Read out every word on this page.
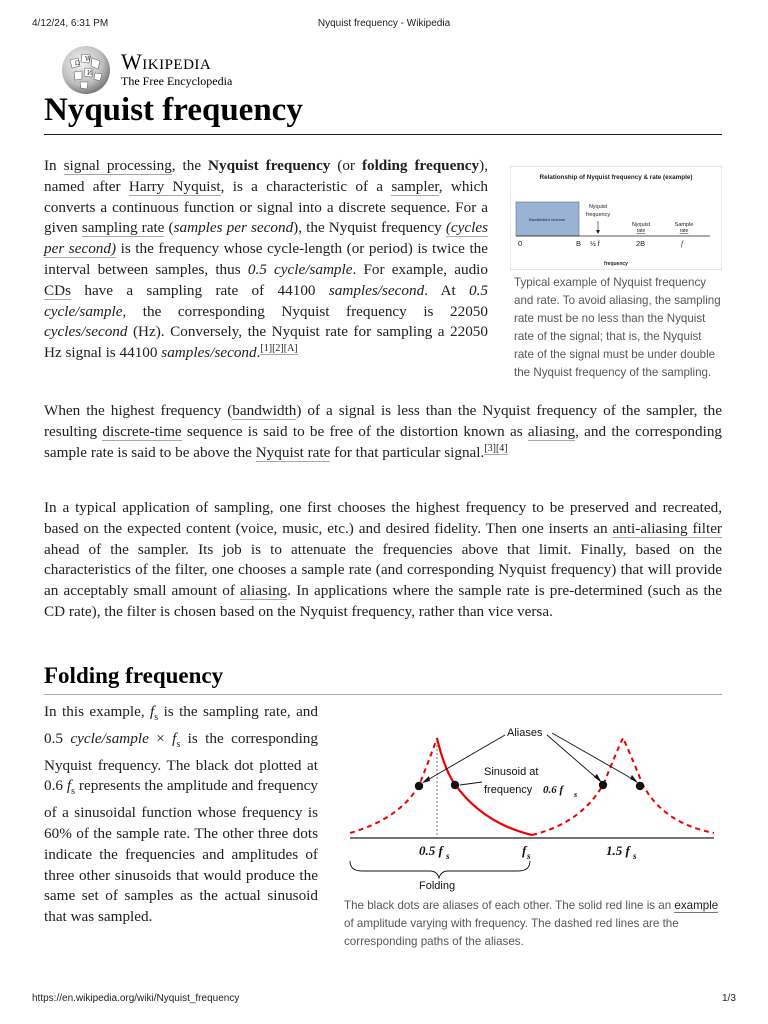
4/12/24, 6:31 PM	Nyquist frequency - Wikipedia
Ω
W
И Wikipedia
The Free Encyclopedia
Nyquist frequency

In signal processing, the Nyquist frequency (or folding frequency), named after Harry Nyquist, is a characteristic of a sampler, which converts a continuous function or signal into a discrete sequence. For a given sampling rate (samples per second), the Nyquist frequency (cycles per second) is the frequency whose cycle-length (or period) is twice the interval between samples, thus 0.5 cycle/sample. For example, audio CDs have a sampling rate of 44100 samples/second. At 0.5 cycle/sample, the corresponding Nyquist frequency is 22050 cycles/second (Hz). Conversely, the Nyquist rate for sampling a 22050 Hz signal is 44100 samples/second.[1][2][A]

Relationship of Nyquist frequency & rate (example)
Bandlimited channel
Nyquist
frequency
Nyquist
rate
Sample
rate
0	B ½ f	2B	f
frequency
Typical example of Nyquist frequency and rate. To avoid aliasing, the sampling rate must be no less than the Nyquist rate of the signal; that is, the Nyquist rate of the signal must be under double the Nyquist frequency of the sampling.

When the highest frequency (bandwidth) of a signal is less than the Nyquist frequency of the sampler, the resulting discrete-time sequence is said to be free of the distortion known as aliasing, and the corresponding sample rate is said to be above the Nyquist rate for that particular signal.[3][4]

In a typical application of sampling, one first chooses the highest frequency to be preserved and recreated, based on the expected content (voice, music, etc.) and desired fidelity. Then one inserts an anti-aliasing filter ahead of the sampler. Its job is to attenuate the frequencies above that limit. Finally, based on the characteristics of the filter, one chooses a sample rate (and corresponding Nyquist frequency) that will provide an acceptably small amount of aliasing. In applications where the sample rate is pre-determined (such as the CD rate), the filter is chosen based on the Nyquist frequency, rather than vice versa.

Folding frequency

In this example, $f_s$ is the sampling rate, and 0.5 cycle/sample × $f_s$ is the corresponding Nyquist frequency. The black dot plotted at 0.6 $f_s$ represents the amplitude and frequency of a sinusoidal function whose frequency is 60% of the sample rate. The other three dots indicate the frequencies and amplitudes of three other sinusoids that would produce the same set of samples as the actual sinusoid that was sampled.

Aliases
Sinusoid at
frequency 0.6 f s
0.5 f s	f s	1.5 f s
Folding
The black dots are aliases of each other. The solid red line is an example of amplitude varying with frequency. The dashed red lines are the corresponding paths of the aliases.
https://en.wikipedia.org/wiki/Nyquist_frequency	1/3
